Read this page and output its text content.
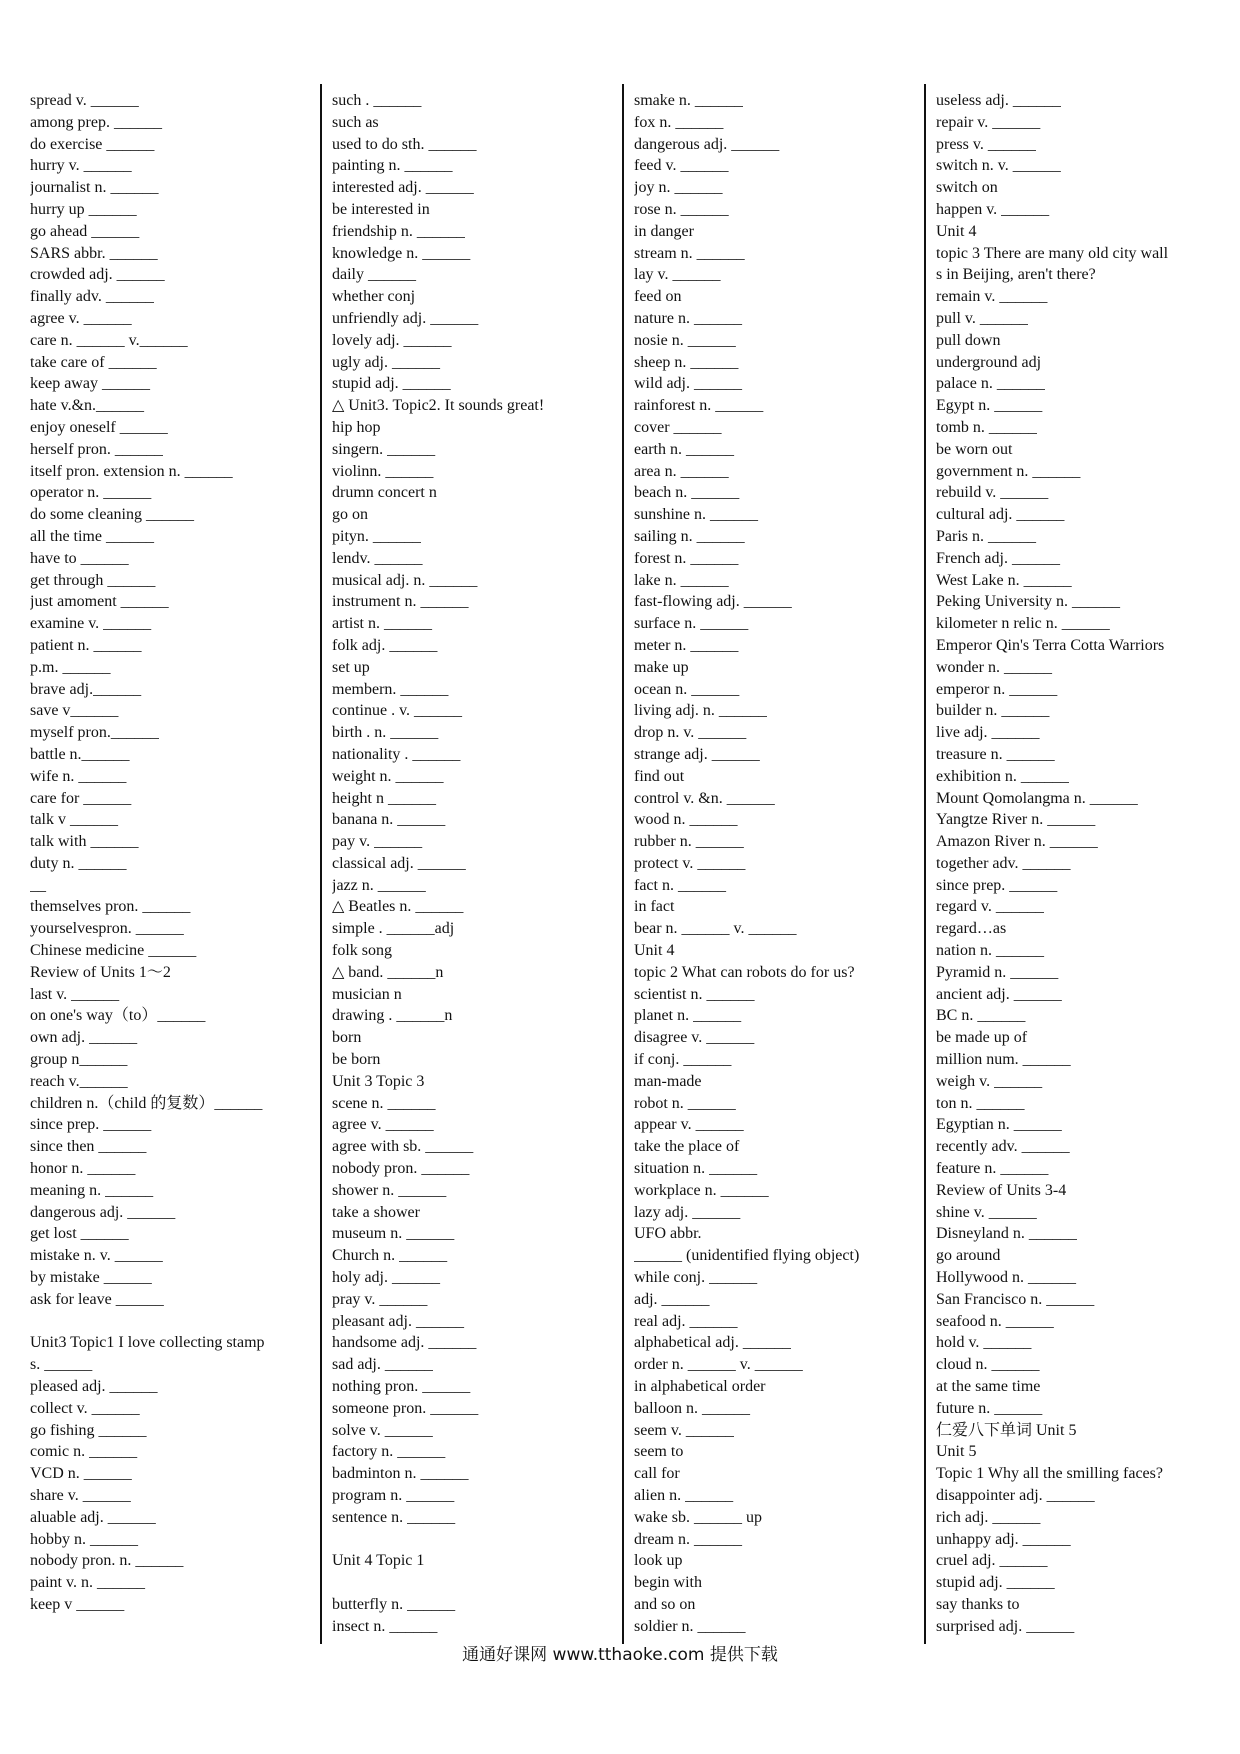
spread v. ______
among prep. ______
do exercise ______
hurry v. ______
journalist n. ______
hurry up ______
go ahead ______
SARS abbr. ______
crowded adj. ______
finally adv. ______
agree v. ______
care n. ______ v.______
take care of ______
keep away ______
hate v.&n.______
enjoy oneself ______
herself pron. ______
itself pron. extension n. ______
operator n. ______
do some cleaning ______
all the time ______
have to ______
get through ______
just amoment ______
examine v. ______
patient n. ______
p.m. ______
brave adj.______
save v______
myself pron.______
battle n.______
wife n. ______
care for ______
talk v ______
talk with ______
duty n. ______
__
themselves pron. ______
yourselvespron. ______
Chinese medicine ______
Review of Units 1～2
last v. ______
on one's way（to）______
own adj. ______
group n______
reach v.______
children n.（child 的复数）______
since prep. ______
since then ______
honor n. ______
meaning n. ______
dangerous adj. ______
get lost ______
mistake n. v. ______
by mistake ______
ask for leave ______
Unit3 Topic1 I love collecting stamp
s. ______
pleased adj. ______
collect v. ______
go fishing ______
comic n. ______
VCD n. ______
share v. ______
aluable adj. ______
hobby n. ______
nobody pron. n. ______
paint v. n. ______
keep v ______
such . ______
such as
used to do sth. ______
painting n. ______
interested adj. ______
be interested in
friendship n. ______
knowledge n. ______
daily ______
whether conj
unfriendly adj. ______
lovely adj. ______
ugly adj. ______
stupid adj. ______
△ Unit3. Topic2. It sounds great!
hip hop
singern. ______
violinn. ______
drumn concert n
go on
pityn. ______
lendv. ______
musical adj. n. ______
instrument n. ______
artist n. ______
folk adj. ______
set up
membern. ______
continue . v. ______
birth . n. ______
nationality . ______
weight n. ______
height n ______
banana n. ______
pay v. ______
classical adj. ______
jazz n. ______
△ Beatles n. ______
simple . ______adj
folk song
△ band. ______n
musician n
drawing . ______n
born
be born
Unit 3 Topic 3
scene n. ______
agree v. ______
agree with sb. ______
nobody pron. ______
shower n. ______
take a shower
museum n. ______
Church n. ______
holy adj. ______
pray v. ______
pleasant adj. ______
handsome adj. ______
sad adj. ______
nothing pron. ______
someone pron. ______
solve v. ______
factory n. ______
badminton n. ______
program n. ______
sentence n. ______
Unit 4 Topic 1
butterfly n. ______
insect n. ______
smake n. ______
fox n. ______
dangerous adj. ______
feed v. ______
joy n. ______
rose n. ______
in danger
stream n. ______
lay v. ______
feed on
nature n. ______
nosie n. ______
sheep n. ______
wild adj. ______
rainforest n. ______
cover ______
earth n. ______
area n. ______
beach n. ______
sunshine n. ______
sailing n. ______
forest n. ______
lake n. ______
fast-flowing adj. ______
surface n. ______
meter n. ______
make up
ocean n. ______
living adj. n. ______
drop n. v. ______
strange adj. ______
find out
control v. &n. ______
wood n. ______
rubber n. ______
protect v. ______
fact n. ______
in fact
bear n. ______ v. ______
Unit 4
topic 2 What can robots do for us?
scientist n. ______
planet n. ______
disagree v. ______
if conj. ______
man-made
robot n. ______
appear v. ______
take the place of
situation n. ______
workplace n. ______
lazy adj. ______
UFO abbr.
______ (unidentified flying object)
while conj. ______
adj. ______
real adj. ______
alphabetical adj. ______
order n. ______ v. ______
in alphabetical order
balloon n. ______
seem v. ______
seem to
call for
alien n. ______
wake sb. ______ up
dream n. ______
look up
begin with
and so on
soldier n. ______
useless adj. ______
repair v. ______
press v. ______
switch n. v. ______
switch on
happen v. ______
Unit 4
topic 3 There are many old city wall
s in Beijing, aren't there?
remain v. ______
pull v. ______
pull down
underground adj
palace n. ______
Egypt n. ______
tomb n. ______
be worn out
government n. ______
rebuild v. ______
cultural adj. ______
Paris n. ______
French adj. ______
West Lake n. ______
Peking University n. ______
kilometer n relic n. ______
Emperor Qin's Terra Cotta Warriors
wonder n. ______
emperor n. ______
builder n. ______
live adj. ______
treasure n. ______
exhibition n. ______
Mount Qomolangma n. ______
Yangtze River n. ______
Amazon River n. ______
together adv. ______
since prep. ______
regard v. ______
regard…as
nation n. ______
Pyramid n. ______
ancient adj. ______
BC n. ______
be made up of
million num. ______
weigh v. ______
ton n. ______
Egyptian n. ______
recently adv. ______
feature n. ______
Review of Units 3-4
shine v. ______
Disneyland n. ______
go around
Hollywood n. ______
San Francisco n. ______
seafood n. ______
hold v. ______
cloud n. ______
at the same time
future n. ______
仁爱八下单词 Unit 5
Unit 5
Topic 1 Why all the smilling faces?
disappointer adj. ______
rich adj. ______
unhappy adj. ______
cruel adj. ______
stupid adj. ______
say thanks to
surprised adj. ______
通通好课网 www.tthaoke.com 提供下载
